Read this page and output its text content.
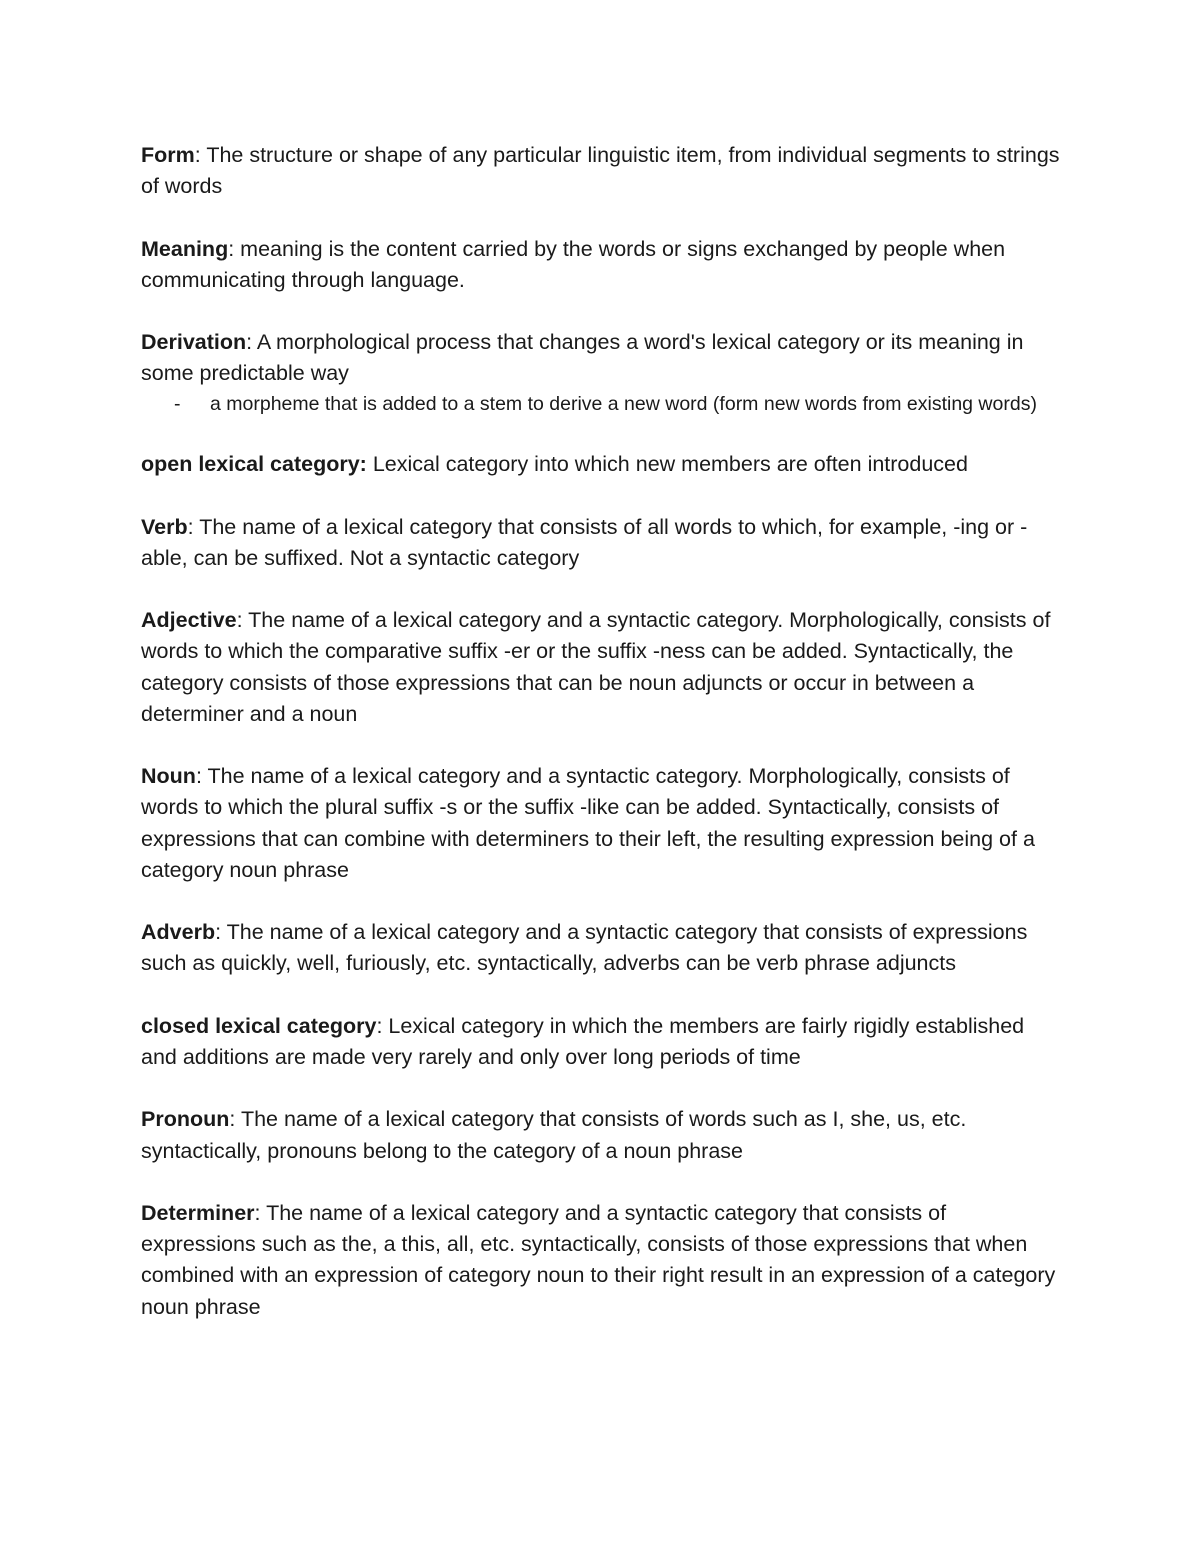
Form: The structure or shape of any particular linguistic item, from individual segments to strings of words

Meaning: meaning is the content carried by the words or signs exchanged by people when communicating through language.

Derivation: A morphological process that changes a word's lexical category or its meaning in some predictable way
- a morpheme that is added to a stem to derive a new word (form new words from existing words)

open lexical category: Lexical category into which new members are often introduced

Verb: The name of a lexical category that consists of all words to which, for example, -ing or -able, can be suffixed. Not a syntactic category

Adjective: The name of a lexical category and a syntactic category. Morphologically, consists of words to which the comparative suffix -er or the suffix -ness can be added. Syntactically, the category consists of those expressions that can be noun adjuncts or occur in between a determiner and a noun

Noun: The name of a lexical category and a syntactic category. Morphologically, consists of words to which the plural suffix -s or the suffix -like can be added. Syntactically, consists of expressions that can combine with determiners to their left, the resulting expression being of a category noun phrase

Adverb: The name of a lexical category and a syntactic category that consists of expressions such as quickly, well, furiously, etc. syntactically, adverbs can be verb phrase adjuncts

closed lexical category: Lexical category in which the members are fairly rigidly established and additions are made very rarely and only over long periods of time

Pronoun: The name of a lexical category that consists of words such as I, she, us, etc. syntactically, pronouns belong to the category of a noun phrase

Determiner: The name of a lexical category and a syntactic category that consists of expressions such as the, a this, all, etc. syntactically, consists of those expressions that when combined with an expression of category noun to their right result in an expression of a category noun phrase
